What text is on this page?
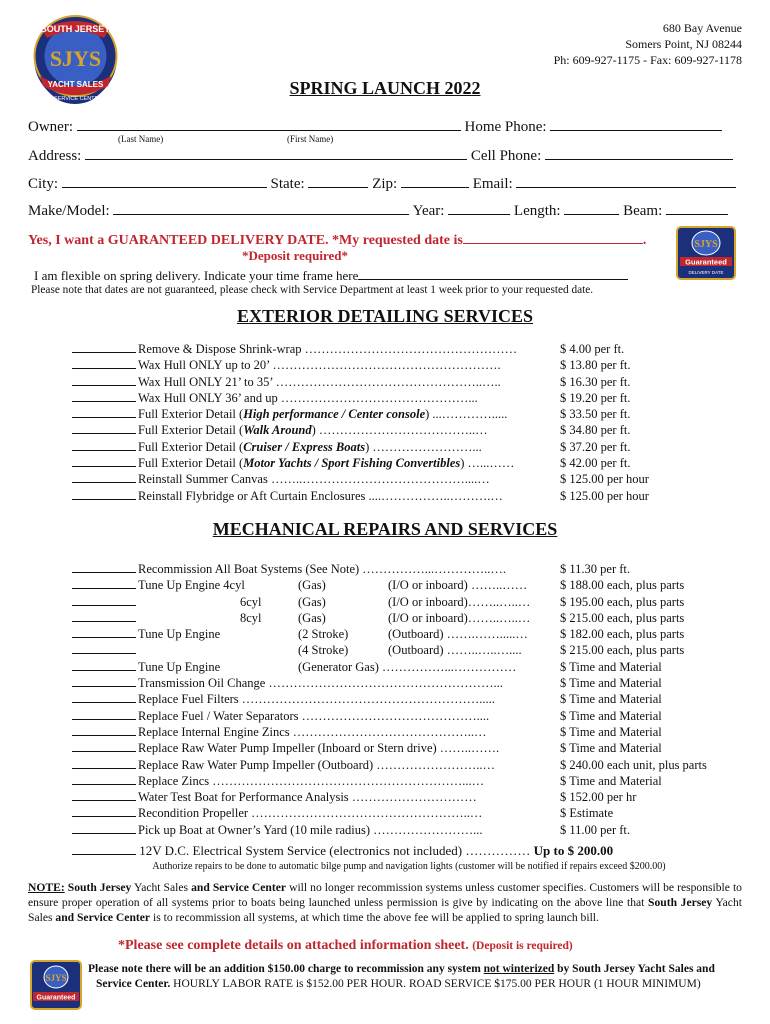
SOUTH JERSEY
SJYS
YACHT SALES
& SERVICE CENTER
680 Bay Avenue
Somers Point, NJ 08244
Ph: 609-927-1175 - Fax: 609-927-1178
SPRING LAUNCH 2022
Owner:	Home Phone:
(Last Name)	(First Name)
Address:	Cell Phone:
City:	State:	Zip:	Email:
Make/Model:	Year:	Length:	Beam:
Yes, I want a GUARANTEED DELIVERY DATE. *My requested date is	.
*Deposit required*
I am flexible on spring delivery. Indicate your time frame here
Please note that dates are not guaranteed, please check with Service Department at least 1 week prior to your requested date.
SJYS
Guaranteed
DELIVERY DATE
EXTERIOR DETAILING SERVICES
Remove & Dispose Shrink-wrap ……………………………………………	$ 4.00 per ft.
Wax Hull ONLY up to 20’ ……………………………………………….	$ 13.80 per ft.
Wax Hull ONLY 21’ to 35’ …………………………………………..…..	$ 16.30 per ft.
Wax Hull ONLY 36’ and up ………………………………………...	$ 19.20 per ft.
Full Exterior Detail (High performance / Center console) ...………….....	$ 33.50 per ft.
Full Exterior Detail (Walk Around) ………………………………..…	$ 34.80 per ft.
Full Exterior Detail (Cruiser / Express Boats) ……………………...	$ 37.20 per ft.
Full Exterior Detail (Motor Yachts / Sport Fishing Convertibles) …...……	$ 42.00 per ft.
Reinstall Summer Canvas ……..…………………………………....…	$ 125.00 per hour
Reinstall Flybridge or Aft Curtain Enclosures ....……………..……….…	$ 125.00 per hour
MECHANICAL REPAIRS AND SERVICES
Recommission All Boat Systems (See Note) ……………...…………..….	$ 11.30 per ft.
Tune Up Engine 4cyl	(Gas)	(I/O or inboard) ……..……	$ 188.00 each, plus parts
6cyl	(Gas)	(I/O or inboard)……..…..… $ 195.00 each, plus parts
8cyl	(Gas)	(I/O or inboard)……..…..… $ 215.00 each, plus parts
Tune Up Engine	(2 Stroke)	(Outboard) …….…….....…	$ 182.00 each, plus parts
(4 Stroke)	(Outboard) ……..…..…....	$ 215.00 each, plus parts
Tune Up Engine	(Generator Gas) ……………...……………	$ Time and Material
Transmission Oil Change ………………………………………………...	$ Time and Material
Replace Fuel Filters ………………………………………………….....	$ Time and Material
Replace Fuel / Water Separators ……………………………………....	$ Time and Material
Replace Internal Engine Zincs ……………………………………..…	$ Time and Material
Replace Raw Water Pump Impeller (Inboard or Stern drive) ……..…….	$ Time and Material
Replace Raw Water Pump Impeller (Outboard) ……………………..…	$ 240.00 each unit, plus parts
Replace Zincs ……………………………………………………...…	$ Time and Material
Water Test Boat for Performance Analysis …………………………	$ 152.00 per hr
Recondition Propeller ……………………………………………..…	$ Estimate
Pick up Boat at Owner’s Yard (10 mile radius) ……………………...	$ 11.00 per ft.
12V D.C. Electrical System Service (electronics not included) …………… Up to $ 200.00
Authorize repairs to be done to automatic bilge pump and navigation lights (customer will be notified if repairs exceed $200.00)
NOTE: South Jersey Yacht Sales and Service Center will no longer recommission systems unless customer specifies. Customers will be responsible to ensure proper operation of all systems prior to boats being launched unless permission is give by indicating on the above line that South Jersey Yacht Sales and Service Center is to recommission all systems, at which time the above fee will be applied to spring launch bill.
*Please see complete details on attached information sheet. (Deposit is required)
SJYS
Guaranteed
Please note there will be an addition $150.00 charge to recommission any system not winterized by South Jersey Yacht Sales and
Service Center. HOURLY LABOR RATE is $152.00 PER HOUR. ROAD SERVICE $175.00 PER HOUR (1 HOUR MINIMUM)
